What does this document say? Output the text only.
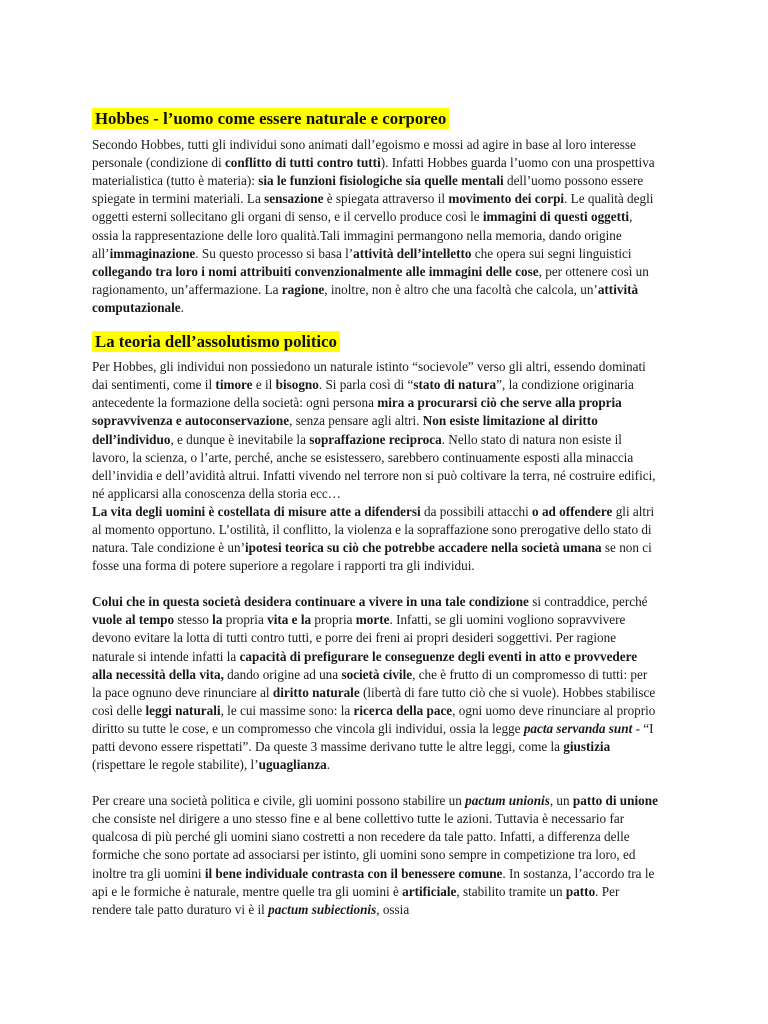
Hobbes - l’uomo come essere naturale e corporeo

Secondo Hobbes, tutti gli individui sono animati dall’egoismo e mossi ad agire in base al loro interesse personale (condizione di conflitto di tutti contro tutti). Infatti Hobbes guarda l’uomo con una prospettiva materialistica (tutto è materia): sia le funzioni fisiologiche sia quelle mentali dell’uomo possono essere spiegate in termini materiali. La sensazione è spiegata attraverso il movimento dei corpi. Le qualità degli oggetti esterni sollecitano gli organi di senso, e il cervello produce così le immagini di questi oggetti, ossia la rappresentazione delle loro qualità.Tali immagini permangono nella memoria, dando origine all’immaginazione. Su questo processo si basa l’attività dell’intelletto che opera sui segni linguistici collegando tra loro i nomi attribuiti convenzionalmente alle immagini delle cose, per ottenere così un ragionamento, un’affermazione. La ragione, inoltre, non è altro che una facoltà che calcola, un’attività computazionale.

La teoria dell’assolutismo politico

Per Hobbes, gli individui non possiedono un naturale istinto “socievole” verso gli altri, essendo dominati dai sentimenti, come il timore e il bisogno. Si parla così di “stato di natura”, la condizione originaria antecedente la formazione della società: ogni persona mira a procurarsi ciò che serve alla propria sopravvivenza e autoconservazione, senza pensare agli altri. Non esiste limitazione al diritto dell’individuo, e dunque è inevitabile la sopraffazione reciproca. Nello stato di natura non esiste il lavoro, la scienza, o l’arte, perché, anche se esistessero, sarebbero continuamente esposti alla minaccia dell’invidia e dell’avidità altrui. Infatti vivendo nel terrore non si può coltivare la terra, né costruire edifici, né applicarsi alla conoscenza della storia ecc…

La vita degli uomini è costellata di misure atte a difendersi da possibili attacchi o ad offendere gli altri al momento opportuno. L’ostilità, il conflitto, la violenza e la sopraffazione sono prerogative dello stato di natura. Tale condizione è un’ipotesi teorica su ciò che potrebbe accadere nella società umana se non ci fosse una forma di potere superiore a regolare i rapporti tra gli individui.

Colui che in questa società desidera continuare a vivere in una tale condizione si contraddice, perché vuole al tempo stesso la propria vita e la propria morte. Infatti, se gli uomini vogliono sopravvivere devono evitare la lotta di tutti contro tutti, e porre dei freni ai propri desideri soggettivi. Per ragione naturale si intende infatti la capacità di prefigurare le conseguenze degli eventi in atto e provvedere alla necessità della vita, dando origine ad una società civile, che è frutto di un compromesso di tutti: per la pace ognuno deve rinunciare al diritto naturale (libertà di fare tutto ciò che si vuole). Hobbes stabilisce così delle leggi naturali, le cui massime sono: la ricerca della pace, ogni uomo deve rinunciare al proprio diritto su tutte le cose, e un compromesso che vincola gli individui, ossia la legge pacta servanda sunt - “I patti devono essere rispettati”. Da queste 3 massime derivano tutte le altre leggi, come la giustizia (rispettare le regole stabilite), l’uguaglianza.

Per creare una società politica e civile, gli uomini possono stabilire un pactum unionis, un patto di unione che consiste nel dirigere a uno stesso fine e al bene collettivo tutte le azioni. Tuttavia è necessario far qualcosa di più perché gli uomini siano costretti a non recedere da tale patto. Infatti, a differenza delle formiche che sono portate ad associarsi per istinto, gli uomini sono sempre in competizione tra loro, ed inoltre tra gli uomini il bene individuale contrasta con il benessere comune. In sostanza, l’accordo tra le api e le formiche è naturale, mentre quelle tra gli uomini è artificiale, stabilito tramite un patto. Per rendere tale patto duraturo vi è il pactum subiectionis, ossia
